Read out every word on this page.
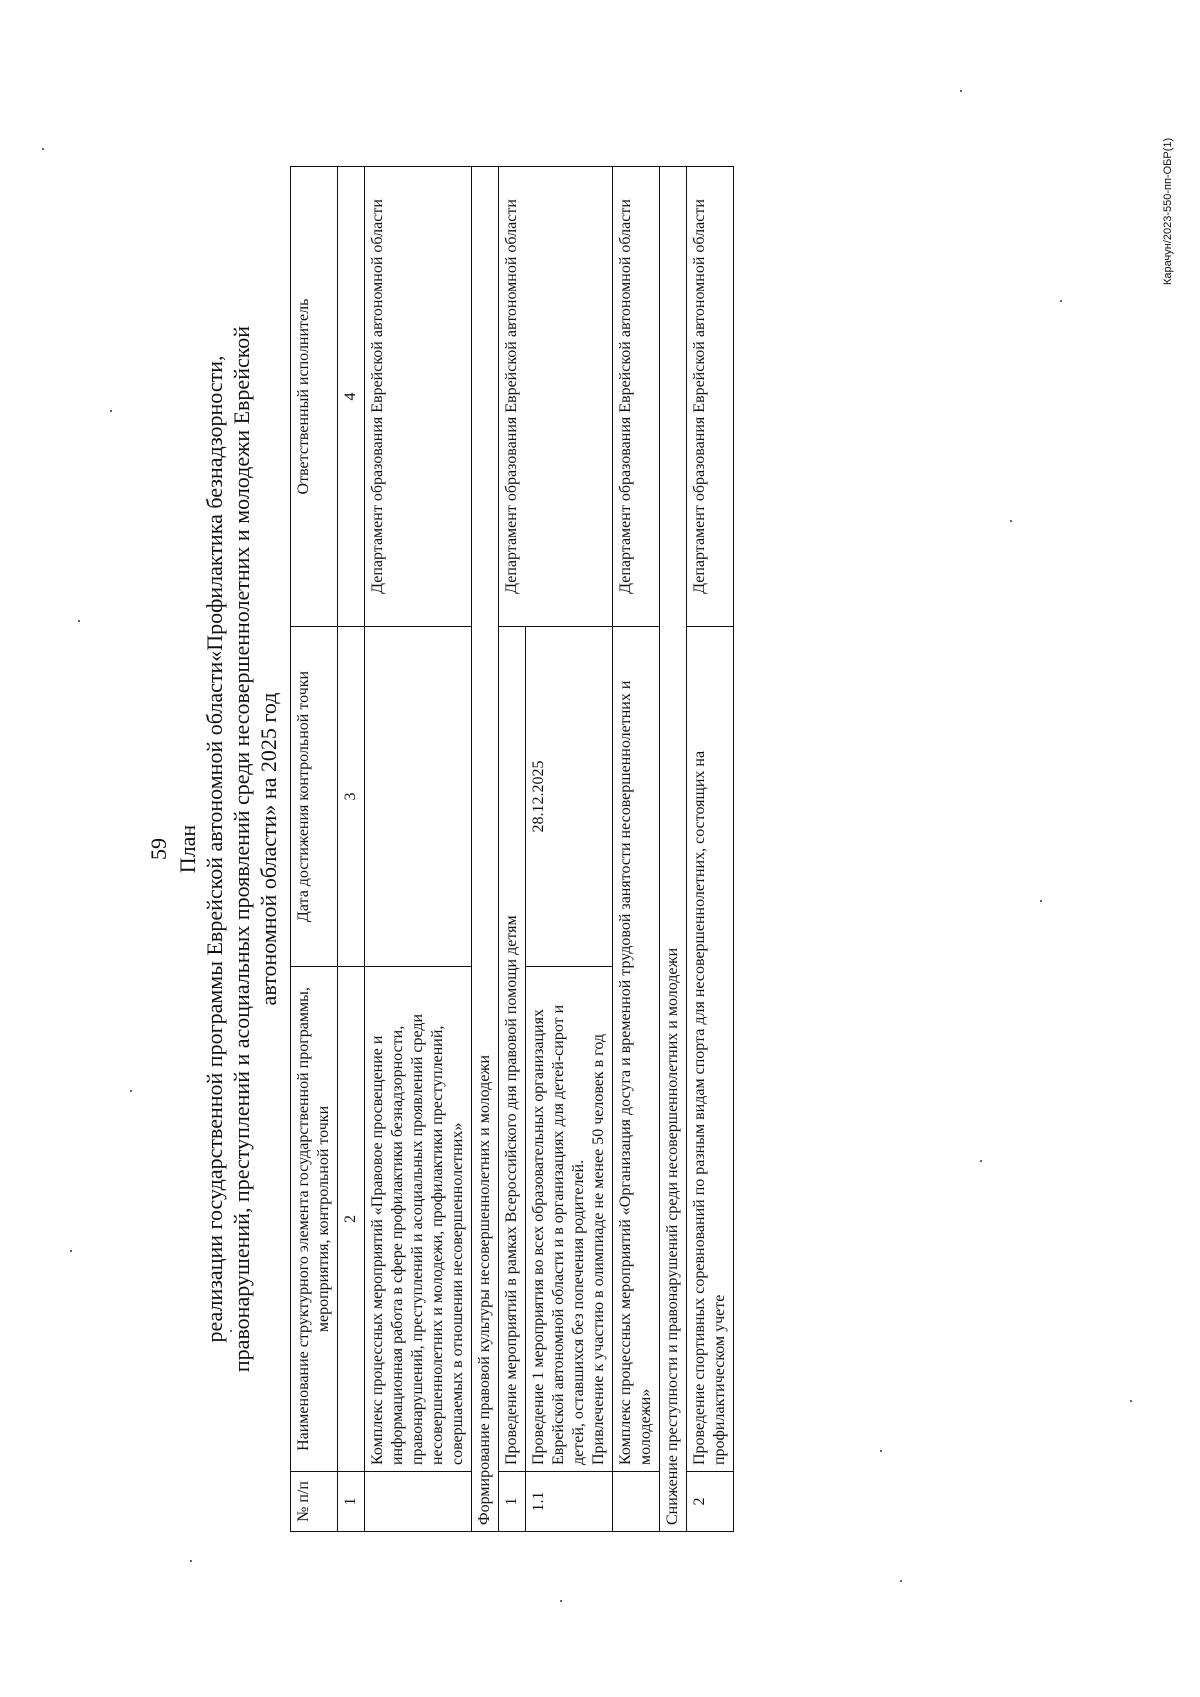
Карачун/2023-550-пп-ОБР(1)
59 План реализации государственной программы Еврейской автономной области«Профилактика безнадзорности, правонарушений, преступлений и асоциальных проявлений среди несовершеннолетних и молодежи Еврейской автономной области» на 2025 год
№ п/п	Наименование структурного элемента государственной программы, мероприятия, контрольной точки	Дата достижения контрольной точки	Ответственный исполнитель
1	2	3	4
	Комплекс процессных мероприятий «Правовое просвещение и информационная работа в сфере профилактики безнадзорности, правонарушений, преступлений и асоциальных проявлений среди несовершеннолетних и молодежи, профилактики преступлений, совершаемых в отношении несовершеннолетних»		Департамент образования Еврейской автономной области
Формирование правовой культуры несовершеннолетних и молодежи			
1	Проведение мероприятий в рамках Всероссийского дня правовой помощи детям		Департамент образования Еврейской автономной области
1.1	Проведение 1 мероприятия во всех образовательных организациях Еврейской автономной области и в организациях для детей-сирот и детей, оставшихся без попечения родителей. Привлечение к участию в олимпиаде не менее 50 человек в год	28.12.2025	
	Комплекс процессных мероприятий «Организация досуга и временной трудовой занятости несовершеннолетних и молодежи»		Департамент образования Еврейской автономной области
Снижение преступности и правонарушений среди несовершеннолетних и молодежи			
2	Проведение спортивных соревнований по разным видам спорта для несовершеннолетних, состоящих на профилактическом учете		Департамент образования Еврейской автономной области
